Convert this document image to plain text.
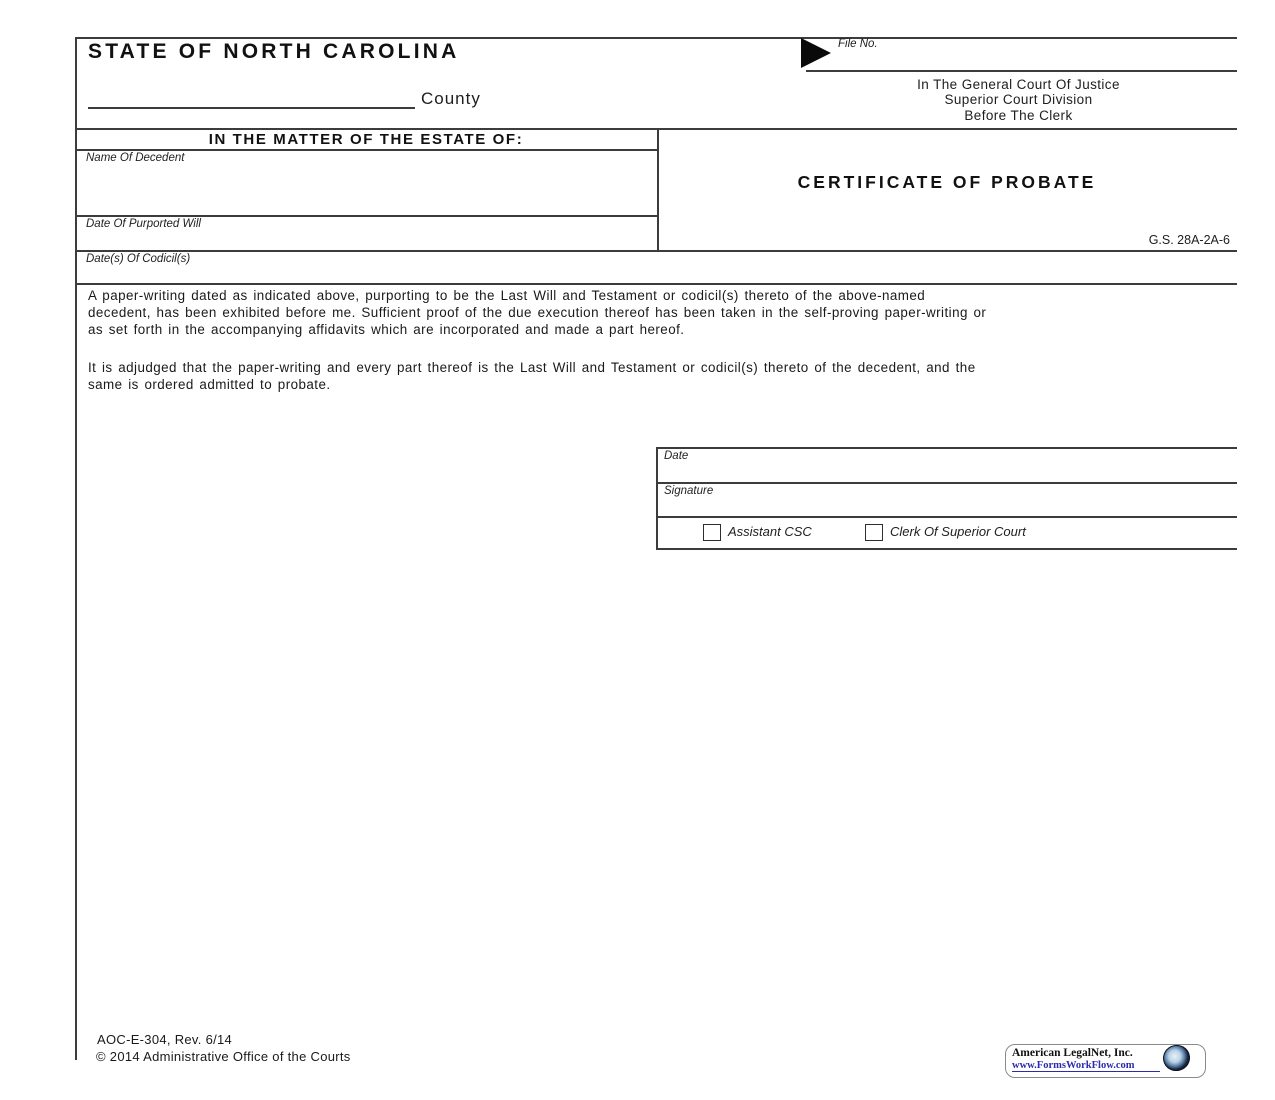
STATE OF NORTH CAROLINA
County
File No.
In The General Court Of Justice
Superior Court Division
Before The Clerk
IN THE MATTER OF THE ESTATE OF:
Name Of Decedent
Date Of Purported Will
Date(s) Of Codicil(s)
CERTIFICATE OF PROBATE
G.S. 28A-2A-6
A paper-writing dated as indicated above, purporting to be the Last Will and Testament or codicil(s) thereto of the above-named
decedent, has been exhibited before me. Sufficient proof of the due execution thereof has been taken in the self-proving paper-writing or
as set forth in the accompanying affidavits which are incorporated and made a part hereof.
It is adjudged that the paper-writing and every part thereof is the Last Will and Testament or codicil(s) thereto of the decedent, and the
same is ordered admitted to probate.
Date
Signature
Assistant CSC	Clerk Of Superior Court
AOC-E-304, Rev. 6/14
© 2014 Administrative Office of the Courts	American LegalNet, Inc.
www.FormsWorkFlow.com
